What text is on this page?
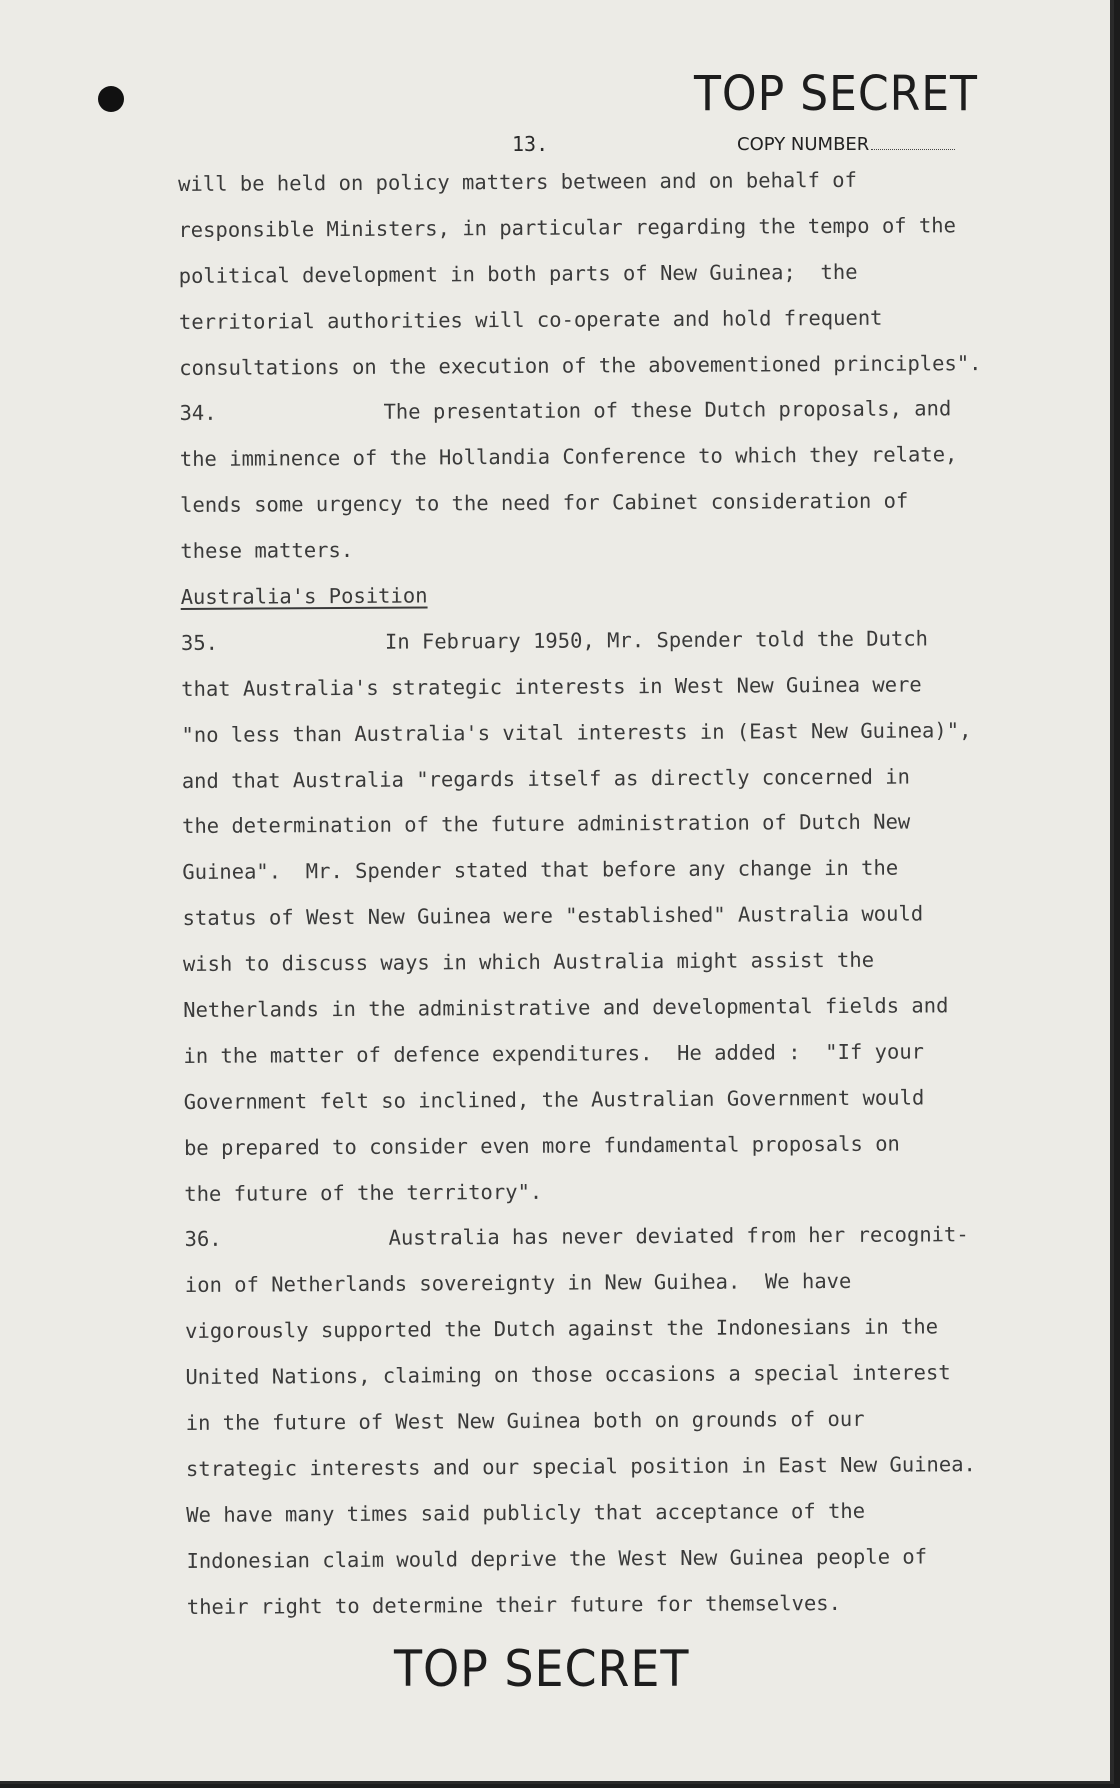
TOP SECRET
13.	COPY NUMBER
will be held on policy matters between and on behalf of
responsible Ministers, in particular regarding the tempo of the
political development in both parts of New Guinea;  the
territorial authorities will co-operate and hold frequent
consultations on the execution of the abovementioned principles".
34.	The presentation of these Dutch proposals, and
the imminence of the Hollandia Conference to which they relate,
lends some urgency to the need for Cabinet consideration of
these matters.
Australia's Position
35.	In February 1950, Mr. Spender told the Dutch
that Australia's strategic interests in West New Guinea were
"no less than Australia's vital interests in (East New Guinea)",
and that Australia "regards itself as directly concerned in
the determination of the future administration of Dutch New
Guinea".  Mr. Spender stated that before any change in the
status of West New Guinea were "established" Australia would
wish to discuss ways in which Australia might assist the
Netherlands in the administrative and developmental fields and
in the matter of defence expenditures.  He added :  "If your
Government felt so inclined, the Australian Government would
be prepared to consider even more fundamental proposals on
the future of the territory".
36.	Australia has never deviated from her recognit-
ion of Netherlands sovereignty in New Guihea.  We have
vigorously supported the Dutch against the Indonesians in the
United Nations, claiming on those occasions a special interest
in the future of West New Guinea both on grounds of our
strategic interests and our special position in East New Guinea.
We have many times said publicly that acceptance of the
Indonesian claim would deprive the West New Guinea people of
their right to determine their future for themselves.
TOP SECRET
